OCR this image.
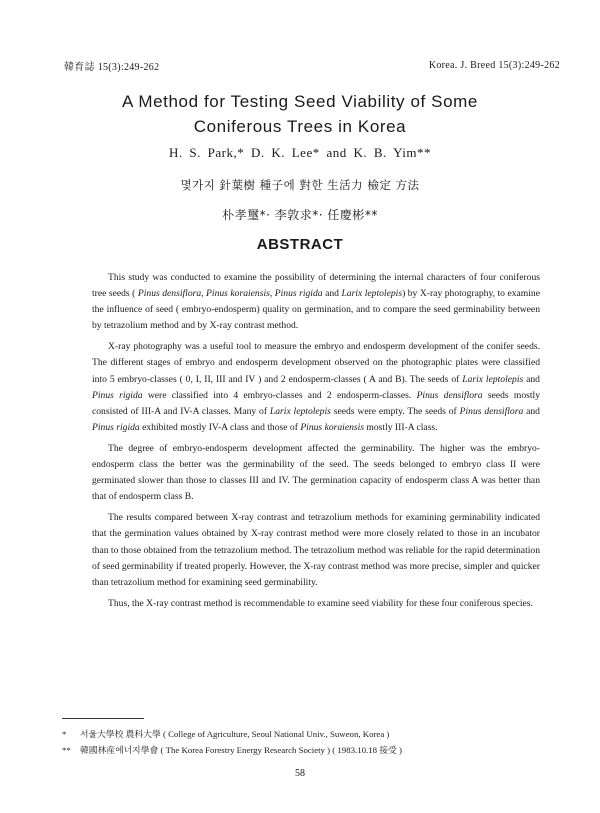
韓育誌 15(3):249-262	Korea. J. Breed 15(3):249-262
A Method for Testing Seed Viability of Some
Coniferous Trees in Korea
H. S. Park,* D. K. Lee* and K. B. Yim**
몇가지 針葉樹 種子에 對한 生活力 檢定 方法
朴孝璽*· 李敦求*· 任慶彬**
ABSTRACT

This study was conducted to examine the possibility of determining the internal characters of four coniferous tree seeds ( Pinus densiflora, Pinus koraiensis, Pinus rigida and Larix leptolepis) by X-ray photography, to examine the influence of seed ( embryo-endosperm) quality on germination, and to compare the seed germinability between by tetrazolium method and by X-ray contrast method.

X-ray photography was a useful tool to measure the embryo and endosperm development of the conifer seeds. The different stages of embryo and endosperm development observed on the photographic plates were classified into 5 embryo-classes ( 0, I, II, III and IV ) and 2 endosperm-classes ( A and B). The seeds of Larix leptolepis and Pinus rigida were classified into 4 embryo-classes and 2 endosperm-classes. Pinus densiflora seeds mostly consisted of III-A and IV-A classes. Many of Larix leptolepis seeds were empty. The seeds of Pinus densiflora and Pinus rigida exhibited mostly IV-A class and those of Pinus koraiensis mostly III-A class.

The degree of embryo-endosperm development affected the germinability. The higher was the embryo-endosperm class the better was the germinability of the seed. The seeds belonged to embryo class II were germinated slower than those to classes III and IV. The germination capacity of endosperm class A was better than that of endosperm class B.

The results compared between X-ray contrast and tetrazolium methods for examining germinability indicated that the germination values obtained by X-ray contrast method were more closely related to those in an incubator than to those obtained from the tetrazolium method. The tetrazolium method was reliable for the rapid determination of seed germinability if treated properly. However, the X-ray contrast method was more precise, simpler and quicker than tetrazolium method for examining seed germinability.

Thus, the X-ray contrast method is recommendable to examine seed viability for these four coniferous species.

* 서울大學校 農科大學 ( College of Agriculture, Seoul National Univ., Suweon, Korea )
** 韓國林産에너지學會 ( The Korea Forestry Energy Research Society ) ( 1983.10.18 接受 )
58
